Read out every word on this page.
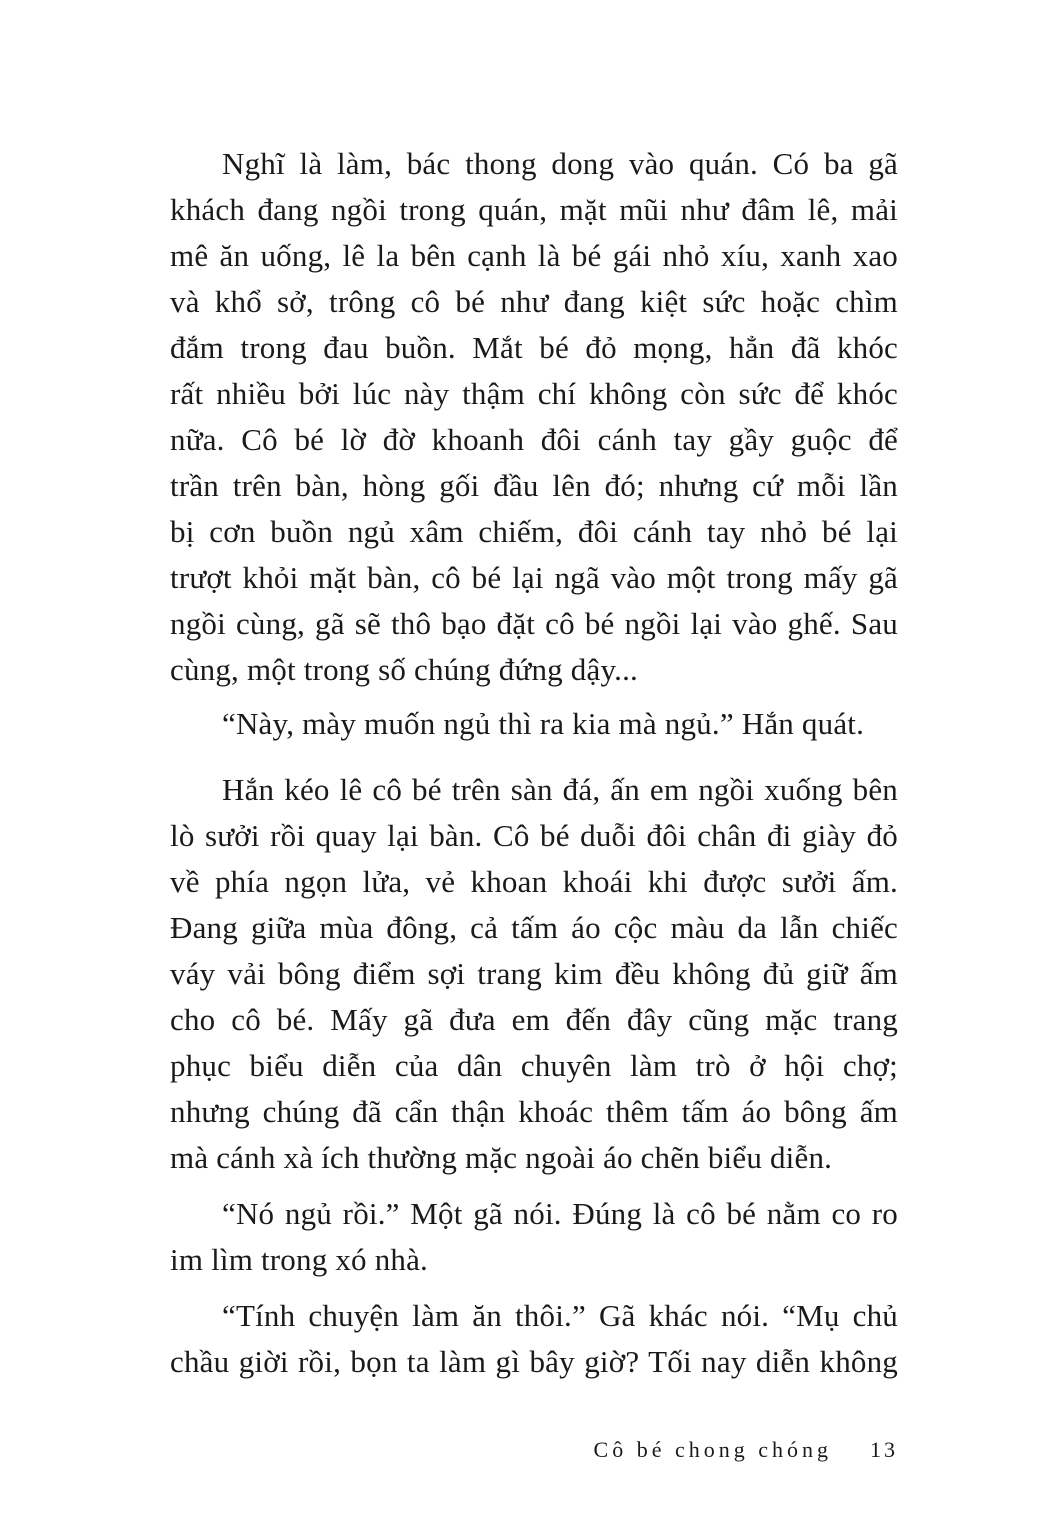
Nghĩ là làm, bác thong dong vào quán. Có ba gã
khách đang ngồi trong quán, mặt mũi như đâm lê, mải
mê ăn uống, lê la bên cạnh là bé gái nhỏ xíu, xanh xao
và khổ sở, trông cô bé như đang kiệt sức hoặc chìm
đắm trong đau buồn. Mắt bé đỏ mọng, hẳn đã khóc
rất nhiều bởi lúc này thậm chí không còn sức để khóc
nữa. Cô bé lờ đờ khoanh đôi cánh tay gầy guộc để
trần trên bàn, hòng gối đầu lên đó; nhưng cứ mỗi lần
bị cơn buồn ngủ xâm chiếm, đôi cánh tay nhỏ bé lại
trượt khỏi mặt bàn, cô bé lại ngã vào một trong mấy gã
ngồi cùng, gã sẽ thô bạo đặt cô bé ngồi lại vào ghế. Sau
cùng, một trong số chúng đứng dậy...
“Này, mày muốn ngủ thì ra kia mà ngủ.” Hắn quát.
Hắn kéo lê cô bé trên sàn đá, ấn em ngồi xuống bên
lò sưởi rồi quay lại bàn. Cô bé duỗi đôi chân đi giày đỏ
về phía ngọn lửa, vẻ khoan khoái khi được sưởi ấm.
Đang giữa mùa đông, cả tấm áo cộc màu da lẫn chiếc
váy vải bông điểm sợi trang kim đều không đủ giữ ấm
cho cô bé. Mấy gã đưa em đến đây cũng mặc trang
phục biểu diễn của dân chuyên làm trò ở hội chợ;
nhưng chúng đã cẩn thận khoác thêm tấm áo bông ấm
mà cánh xà ích thường mặc ngoài áo chẽn biểu diễn.
“Nó ngủ rồi.” Một gã nói. Đúng là cô bé nằm co ro
im lìm trong xó nhà.
“Tính chuyện làm ăn thôi.” Gã khác nói. “Mụ chủ
chầu giời rồi, bọn ta làm gì bây giờ? Tối nay diễn không
Cô bé chong chóng 13
